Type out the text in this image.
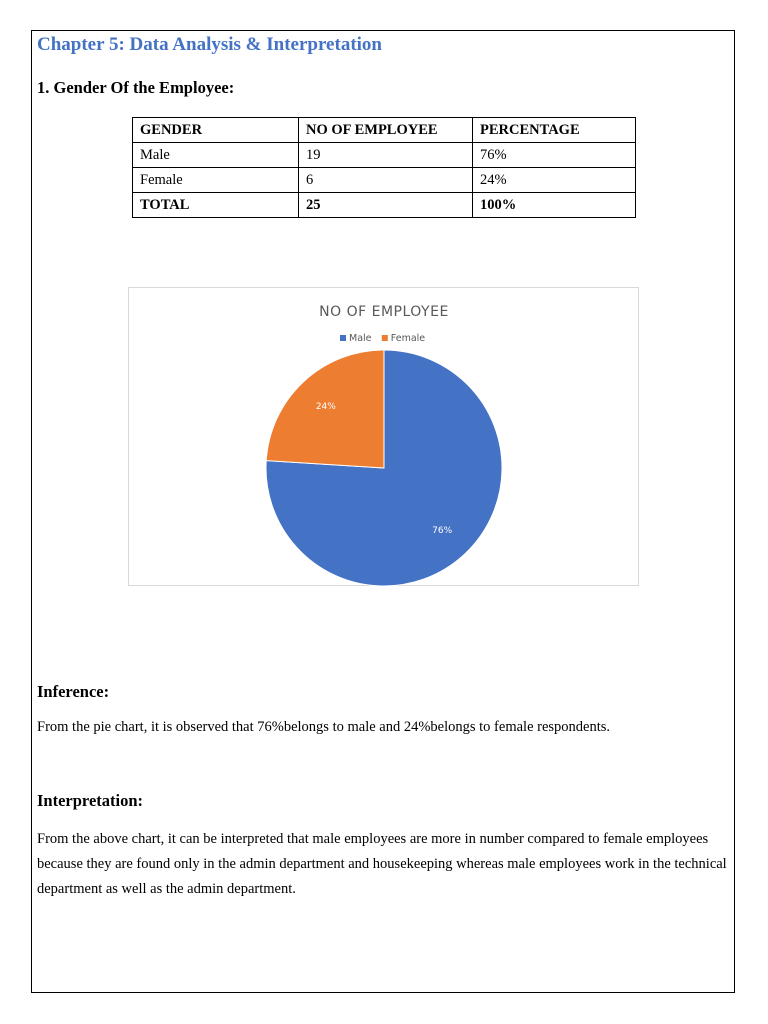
Chapter 5: Data Analysis & Interpretation
1. Gender Of the Employee:
GENDER	NO OF EMPLOYEE	PERCENTAGE
Male	19	76%
Female	6	24%
TOTAL	25	100%
NO OF EMPLOYEE
Male Female
76%
24%
Inference:

From the pie chart, it is observed that 76%belongs to male and 24%belongs to female respondents.

Interpretation:

From the above chart, it can be interpreted that male employees are more in number compared to female employees because they are found only in the admin department and housekeeping whereas male employees work in the technical department as well as the admin department.
